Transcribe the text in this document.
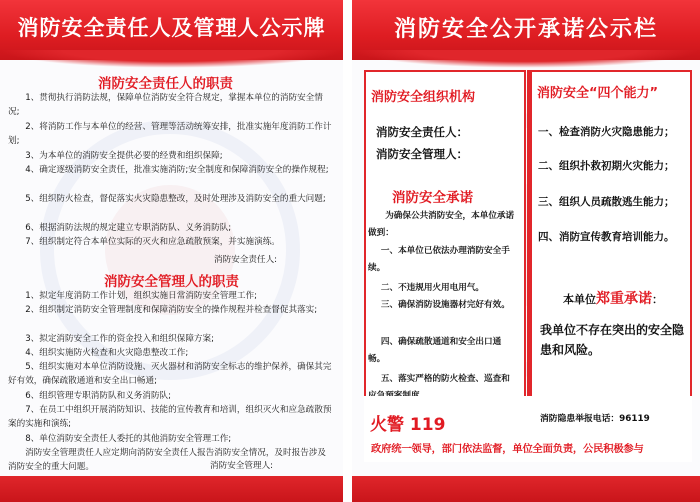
消防安全责任人及管理人公示牌
消防安全责任人的职责
1、贯彻执行消防法规，保障单位消防安全符合规定，掌握本单位的消防安全情况;
2、将消防工作与本单位的经营、管理等活动统筹安排，批准实施年度消防工作计划;
3、为本单位的消防安全提供必要的经费和组织保障;
4、确定逐级消防安全责任，批准实施消防;安全制度和保障消防安全的操作规程;
5、组织防火检查，督促落实火灾隐患整改，及时处理涉及消防安全的重大问题;
6、根据消防法规的规定建立专职消防队、义务消防队;
7、组织制定符合本单位实际的灭火和应急疏散预案，并实施演练。
消防安全责任人:
消防安全管理人的职责
1、拟定年度消防工作计划，组织实施日常消防安全管理工作;
2、组织制定消防安全管理制度和保障消防安全的操作规程并检查督促其落实;
3、拟定消防安全工作的资金投入和组织保障方案;
4、组织实施防火检查和火灾隐患整改工作;
5、组织实施对本单位消防设施、灭火器材和消防安全标志的维护保养，确保其完好有效，确保疏散通道和安全出口畅通;
6、组织管理专职消防队和义务消防队;
7、在员工中组织开展消防知识、技能的宣传教育和培训，组织灭火和应急疏散预案的实施和演练;
8、单位消防安全责任人委托的其他消防安全管理工作;
消防安全管理责任人应定期向消防安全责任人报告消防安全情况，及时报告涉及消防安全的重大问题。	消防安全管理人:
消防安全公开承诺公示栏
消防安全组织机构
消防安全责任人：
消防安全管理人：
消防安全承诺
为确保公共消防安全，本单位承诺做到：
一、本单位已依法办理消防安全手续。
二、不违规用火用电用气。
三、确保消防设施器材完好有效。
四、确保疏散通道和安全出口通畅。
五、落实严格的防火检查、巡查和
消防安全“四个能力”
一、检查消防火灾隐患能力；
二、组织扑救初期火灾能力；
三、组织人员疏散逃生能力；
四、消防宣传教育培训能力。
本单位郑重承诺：
我单位不存在突出的安全隐患和风险。
火警 119	消防隐患举报电话：96119
政府统一领导，部门依法监督，单位全面负责，公民积极参与
